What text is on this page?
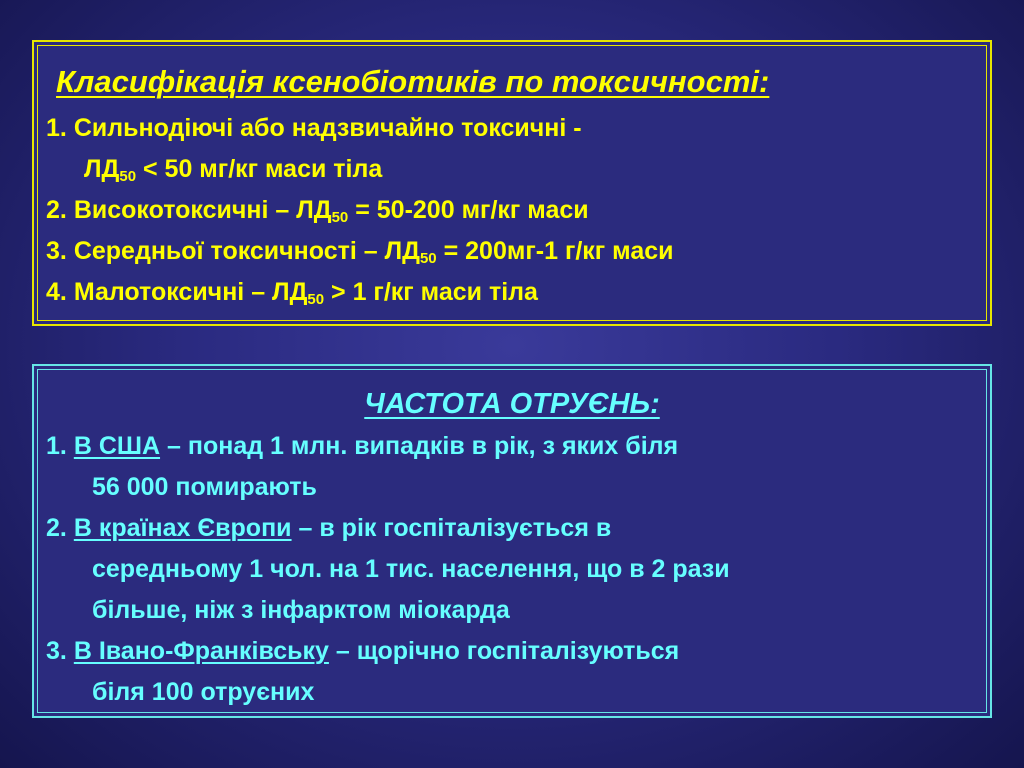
Класифікація ксенобіотиків по токсичності:
1. Сильнодіючі або надзвичайно токсичні -
$ЛД_{50} < 50$ мг/кг маси тіла
2. Високотоксичні – $ЛД_{50} = 50-200$ мг/кг маси
3. Середньої токсичності – $ЛД_{50} = 200мг-1$ г/кг маси
4. Малотоксичні – $ЛД_{50} > 1$ г/кг маси тіла
ЧАСТОТА ОТРУЄНЬ:
1. В США – понад 1 млн. випадків в рік, з яких біля
56 000 помирають
2. В країнах Європи – в рік госпіталізується в
середньому 1 чол. на 1 тис. населення, що в 2 рази
більше, ніж з інфарктом міокарда
3. В Івано-Франківську – щорічно госпіталізуються
біля 100 отруєних
